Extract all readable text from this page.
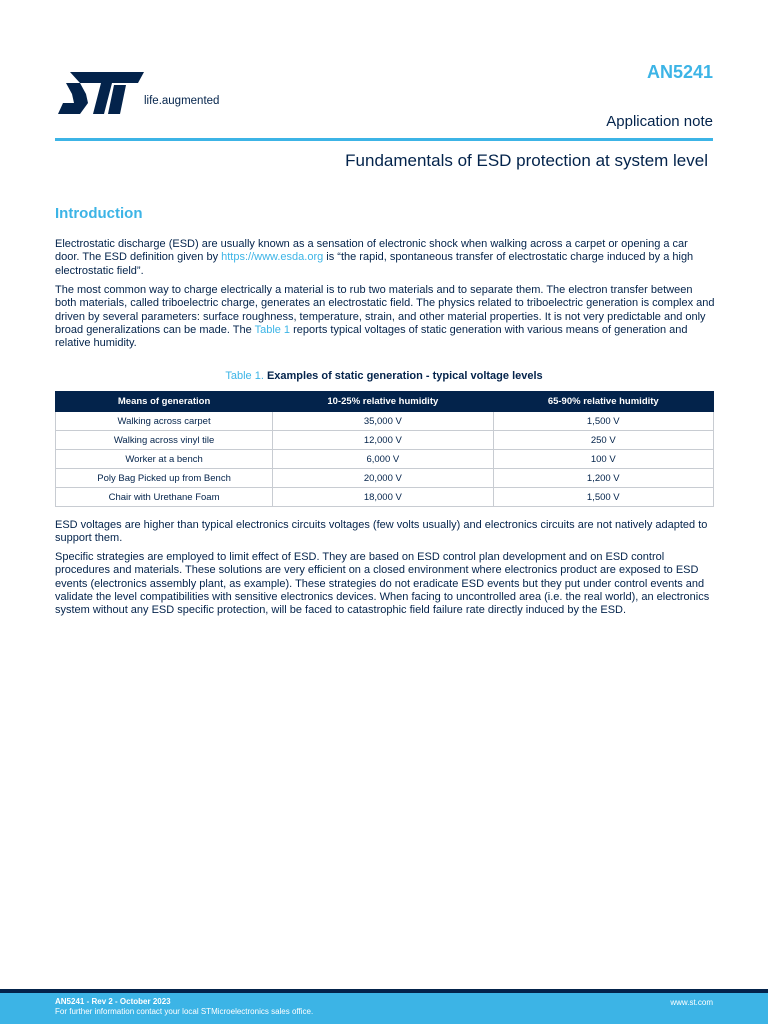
life.augmented
AN5241
Application note
Fundamentals of ESD protection at system level
Introduction

Electrostatic discharge (ESD) are usually known as a sensation of electronic shock when walking across a carpet or opening a car door. The ESD definition given by https://www.esda.org is “the rapid, spontaneous transfer of electrostatic charge induced by a high electrostatic field”.

The most common way to charge electrically a material is to rub two materials and to separate them. The electron transfer between both materials, called triboelectric charge, generates an electrostatic field. The physics related to triboelectric generation is complex and driven by several parameters: surface roughness, temperature, strain, and other material properties. It is not very predictable and only broad generalizations can be made. The Table 1 reports typical voltages of static generation with various means of generation and relative humidity.

Table 1. Examples of static generation - typical voltage levels
Means of generation	10-25% relative humidity	65-90% relative humidity
Walking across carpet	35,000 V	1,500 V
Walking across vinyl tile	12,000 V	250 V
Worker at a bench	6,000 V	100 V
Poly Bag Picked up from Bench	20,000 V	1,200 V
Chair with Urethane Foam	18,000 V	1,500 V

ESD voltages are higher than typical electronics circuits voltages (few volts usually) and electronics circuits are not natively adapted to support them.

Specific strategies are employed to limit effect of ESD. They are based on ESD control plan development and on ESD control procedures and materials. These solutions are very efficient on a closed environment where electronics product are exposed to ESD events (electronics assembly plant, as example). These strategies do not eradicate ESD events but they put under control events and validate the level compatibilities with sensitive electronics devices. When facing to uncontrolled area (i.e. the real world), an electronics system without any ESD specific protection, will be faced to catastrophic field failure rate directly induced by the ESD.

AN5241 - Rev 2 - October 2023
For further information contact your local STMicroelectronics sales office.
www.st.com
